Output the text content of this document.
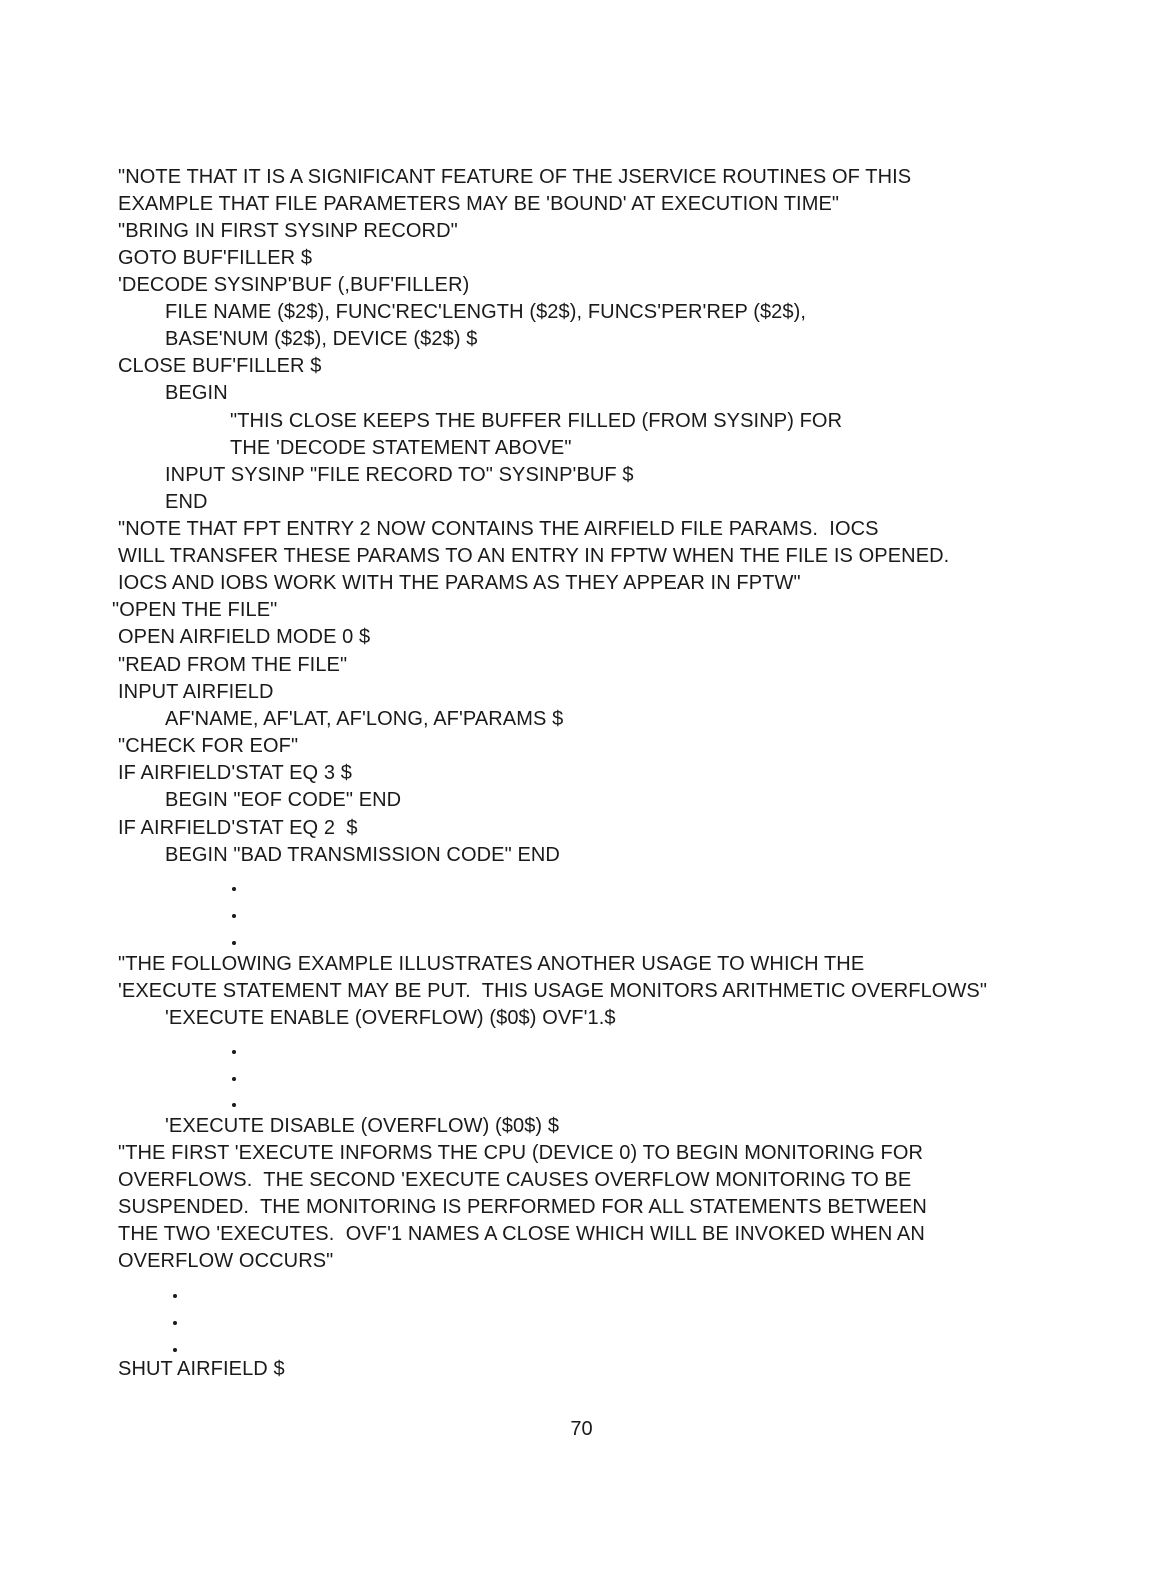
"NOTE THAT IT IS A SIGNIFICANT FEATURE OF THE JSERVICE ROUTINES OF THIS
EXAMPLE THAT FILE PARAMETERS MAY BE 'BOUND' AT EXECUTION TIME"
"BRING IN FIRST SYSINP RECORD"
GOTO BUF'FILLER $
'DECODE SYSINP'BUF (,BUF'FILLER)
FILE NAME ($2$), FUNC'REC'LENGTH ($2$), FUNCS'PER'REP ($2$),
BASE'NUM ($2$), DEVICE ($2$) $
CLOSE BUF'FILLER $
BEGIN
"THIS CLOSE KEEPS THE BUFFER FILLED (FROM SYSINP) FOR
THE 'DECODE STATEMENT ABOVE"
INPUT SYSINP "FILE RECORD TO" SYSINP'BUF $
END
"NOTE THAT FPT ENTRY 2 NOW CONTAINS THE AIRFIELD FILE PARAMS.  IOCS
WILL TRANSFER THESE PARAMS TO AN ENTRY IN FPTW WHEN THE FILE IS OPENED.
IOCS AND IOBS WORK WITH THE PARAMS AS THEY APPEAR IN FPTW"
"OPEN THE FILE"
OPEN AIRFIELD MODE 0 $
"READ FROM THE FILE"
INPUT AIRFIELD
AF'NAME, AF'LAT, AF'LONG, AF'PARAMS $
"CHECK FOR EOF"
IF AIRFIELD'STAT EQ 3 $
BEGIN "EOF CODE" END
IF AIRFIELD'STAT EQ 2  $
BEGIN "BAD TRANSMISSION CODE" END
"THE FOLLOWING EXAMPLE ILLUSTRATES ANOTHER USAGE TO WHICH THE
'EXECUTE STATEMENT MAY BE PUT.  THIS USAGE MONITORS ARITHMETIC OVERFLOWS"
'EXECUTE ENABLE (OVERFLOW) ($0$) OVF'1.$
'EXECUTE DISABLE (OVERFLOW) ($0$) $
"THE FIRST 'EXECUTE INFORMS THE CPU (DEVICE 0) TO BEGIN MONITORING FOR
OVERFLOWS.  THE SECOND 'EXECUTE CAUSES OVERFLOW MONITORING TO BE
SUSPENDED.  THE MONITORING IS PERFORMED FOR ALL STATEMENTS BETWEEN
THE TWO 'EXECUTES.  OVF'1 NAMES A CLOSE WHICH WILL BE INVOKED WHEN AN
OVERFLOW OCCURS"
SHUT AIRFIELD $
70
